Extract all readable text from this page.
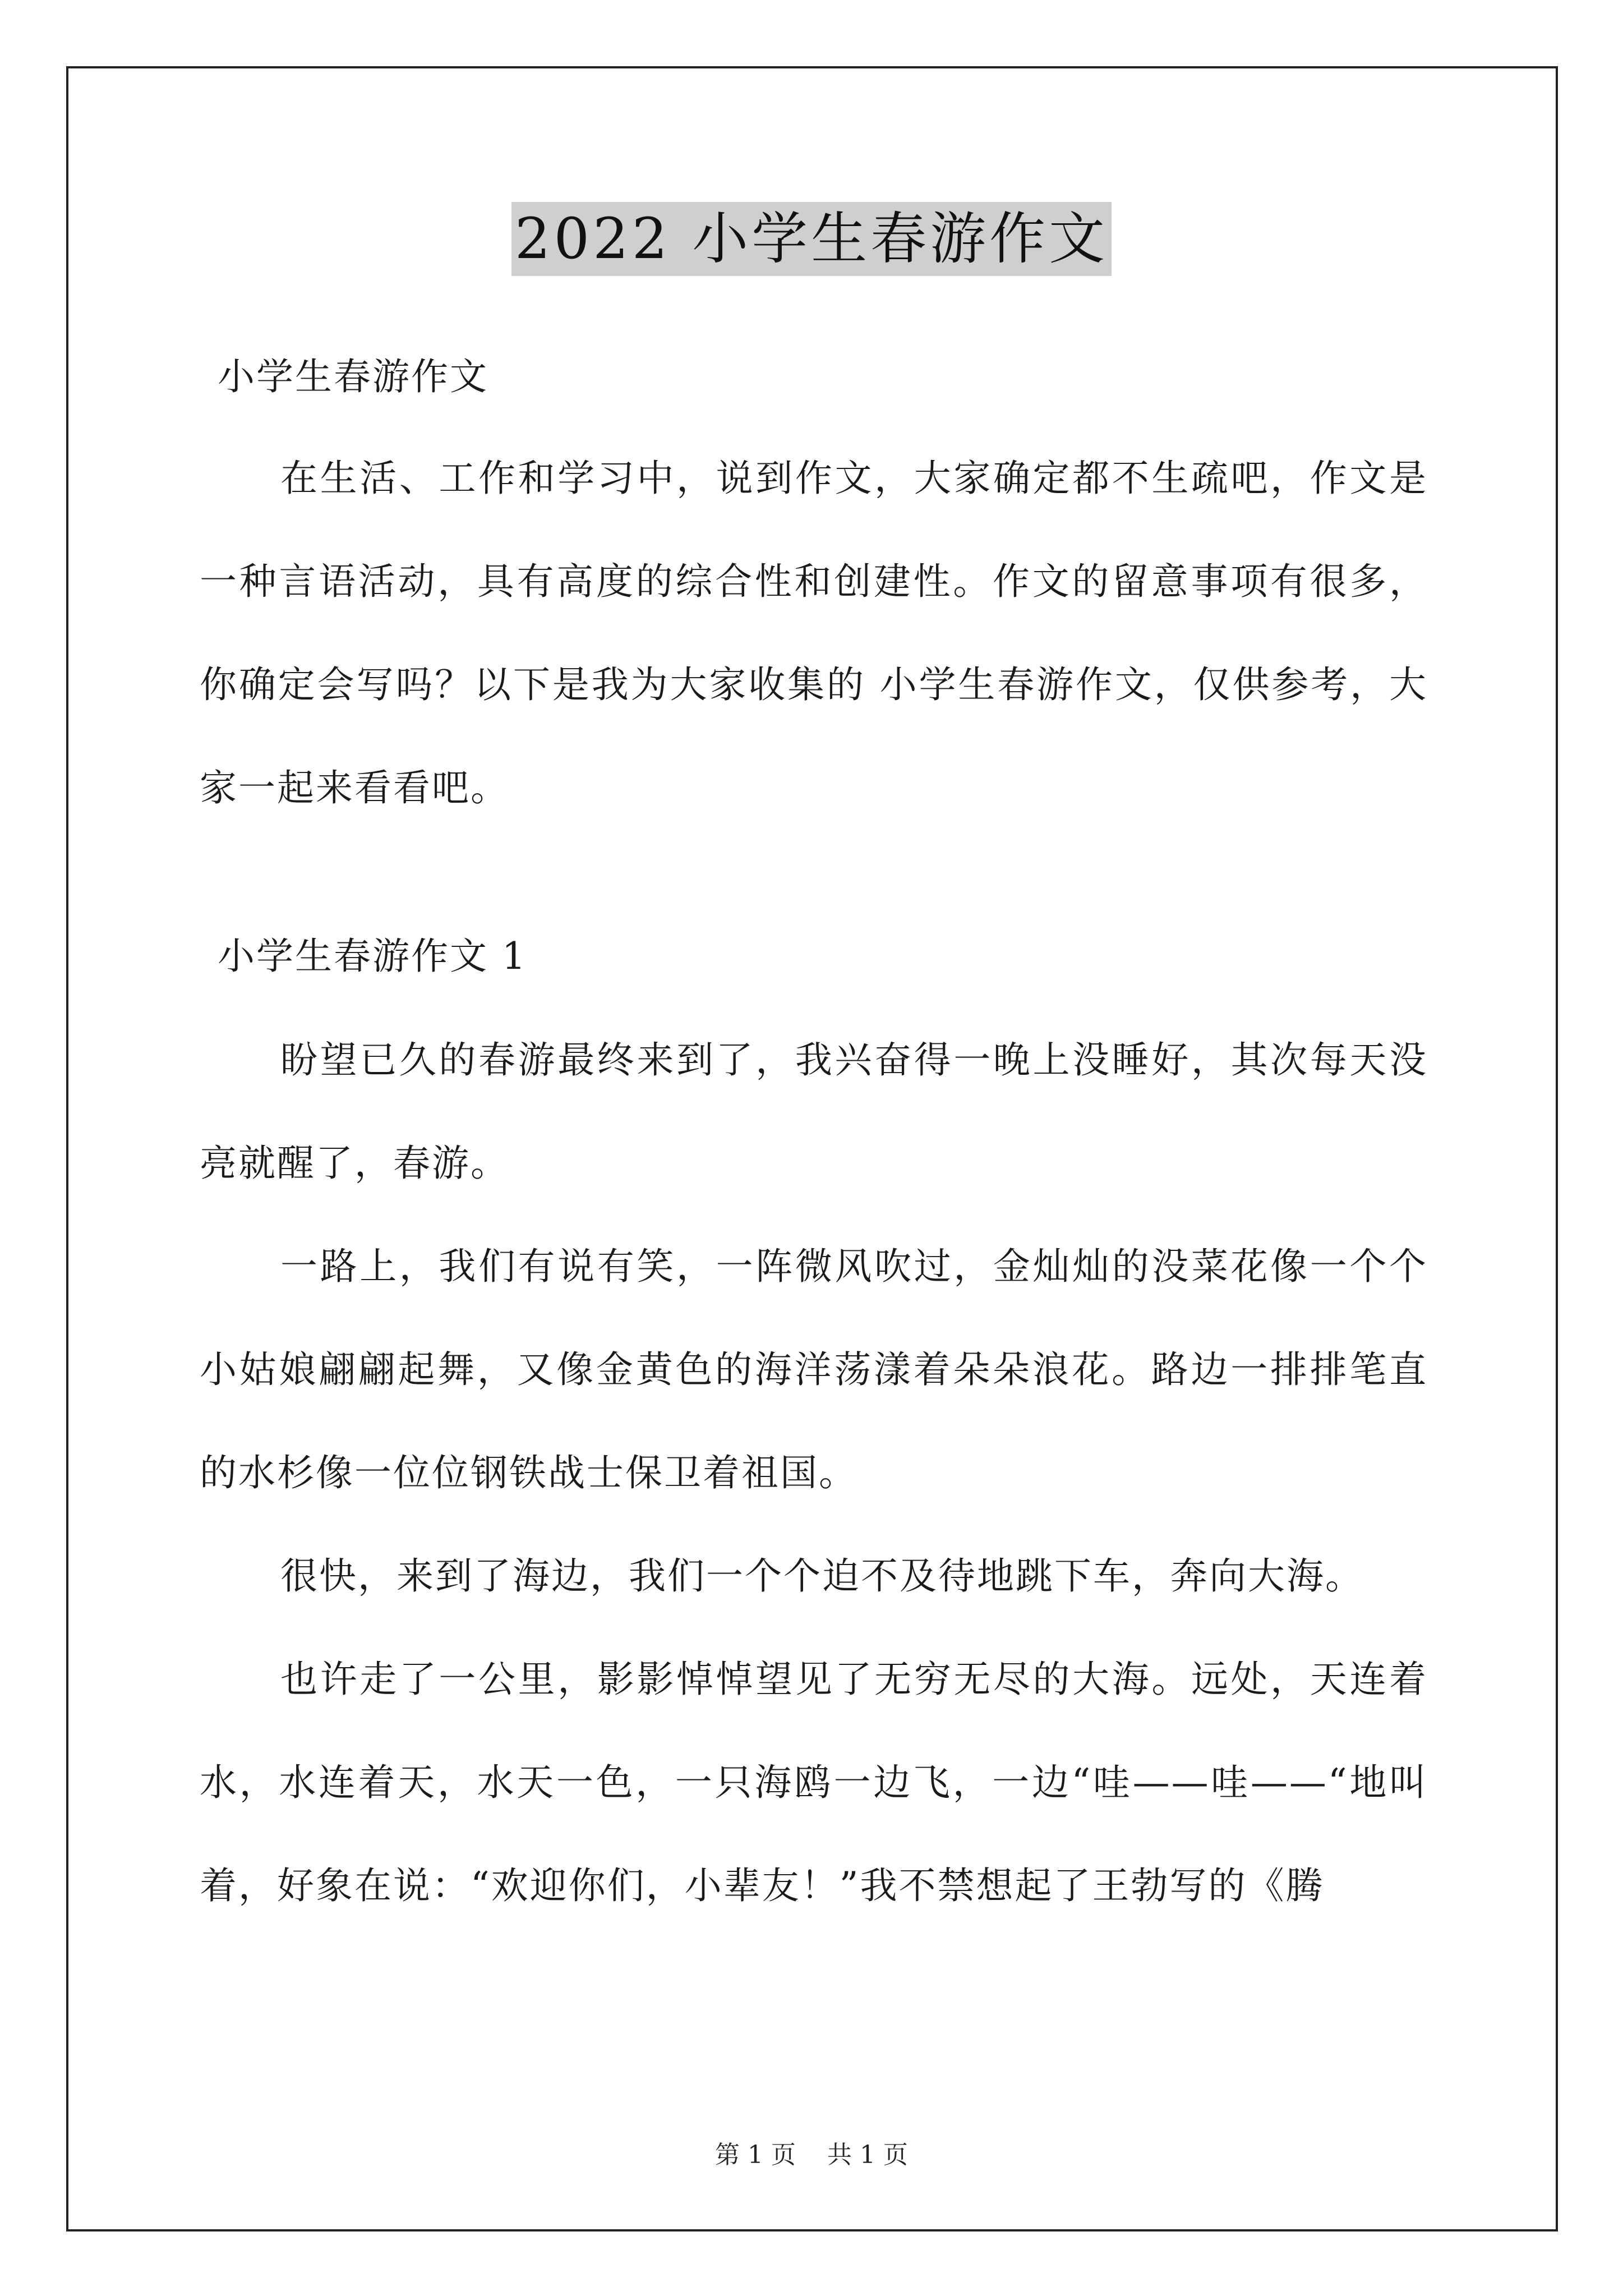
2022 小学生春游作文

小学生春游作文

在生活、工作和学习中，说到作文，大家确定都不生疏吧，作文是一种言语活动，具有高度的综合性和创建性。作文的留意事项有很多，你确定会写吗？以下是我为大家收集的 小学生春游作文，仅供参考，大家一起来看看吧。

小学生春游作文 1

盼望已久的春游最终来到了，我兴奋得一晚上没睡好，其次每天没亮就醒了，春游。

一路上，我们有说有笑，一阵微风吹过，金灿灿的没菜花像一个个小姑娘翩翩起舞，又像金黄色的海洋荡漾着朵朵浪花。路边一排排笔直的水杉像一位位钢铁战士保卫着祖国。

很快，来到了海边，我们一个个迫不及待地跳下车，奔向大海。

也许走了一公里，影影悼悼望见了无穷无尽的大海。远处，天连着水，水连着天，水天一色，一只海鸥一边飞，一边“哇——哇——“地叫着，好象在说：“欢迎你们，小辈友！”我不禁想起了王勃写的《腾

第 1 页 共 1 页
